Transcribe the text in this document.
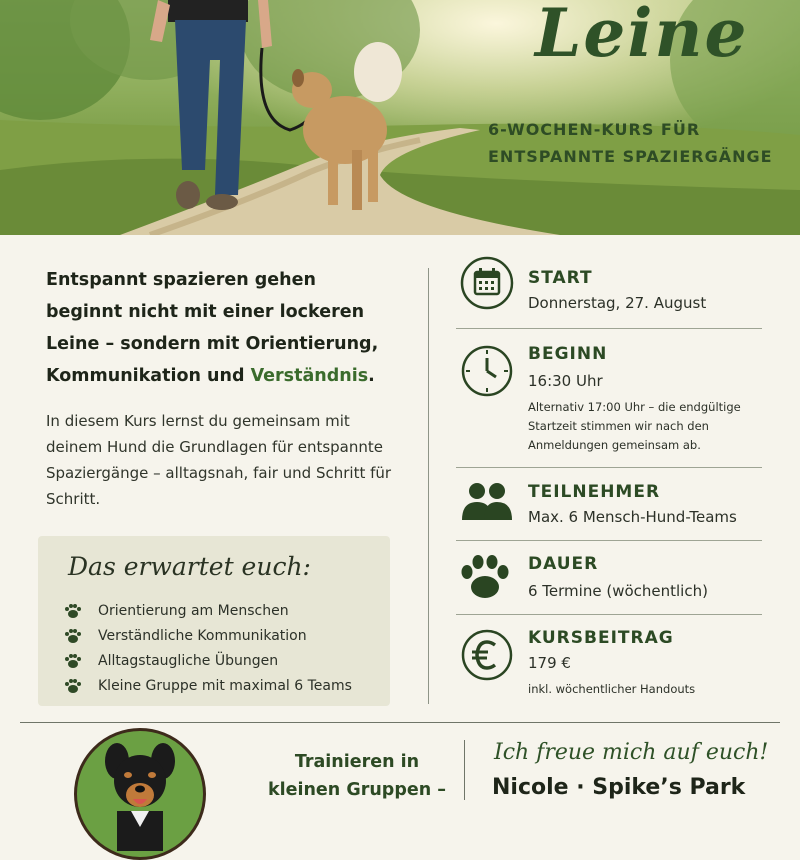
Leine

6-WOCHEN-KURS FÜR
ENTSPANNTE SPAZIERGÄNGE

Entspannt spazieren gehen beginnt nicht mit einer lockeren Leine – sondern mit Orientierung, Kommunikation und Verständnis.

In diesem Kurs lernst du gemeinsam mit deinem Hund die Grundlagen für entspannte Spaziergänge – alltagsnah, fair und Schritt für Schritt.

Das erwartet euch:
Orientierung am Menschen
Verständliche Kommunikation
Alltagstaugliche Übungen
Kleine Gruppe mit maximal 6 Teams

START

Donnerstag, 27. August

BEGINN

16:30 Uhr
Alternativ 17:00 Uhr – die endgültige Startzeit stimmen wir nach den Anmeldungen gemeinsam ab.

TEILNEHMER

Max. 6 Mensch-Hund-Teams

DAUER

6 Termine (wöchentlich)

KURSBEITRAG

179 €
inkl. wöchentlicher Handouts

Trainieren in
kleinen Gruppen –

Ich freue mich auf euch!

Nicole · Spike’s Park
